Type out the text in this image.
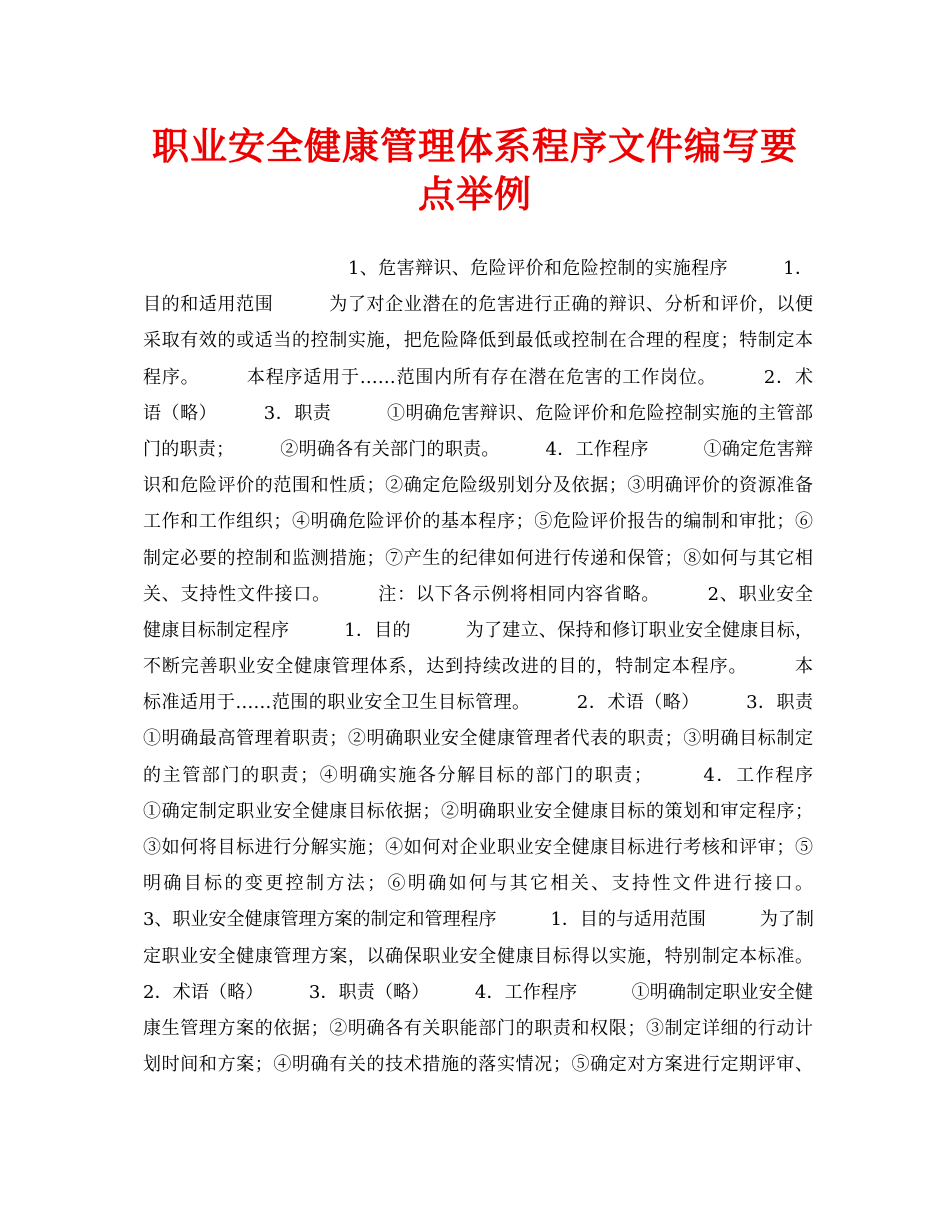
职业安全健康管理体系程序文件编写要点举例
1、危害辩识、危险评价和危险控制的实施程序　　　1．
目的和适用范围　　　为了对企业潜在的危害进行正确的辩识、分析和评价，以便
采取有效的或适当的控制实施，把危险降低到最低或控制在合理的程度；特制定本
程序。　　　本程序适用于……范围内所有存在潜在危害的工作岗位。　　　2．术
语（略）　　　3．职责　　　①明确危害辩识、危险评价和危险控制实施的主管部
门的职责；　　　②明确各有关部门的职责。　　　4．工作程序　　　①确定危害辩
识和危险评价的范围和性质；②确定危险级别划分及依据；③明确评价的资源准备
工作和工作组织；④明确危险评价的基本程序；⑤危险评价报告的编制和审批；⑥
制定必要的控制和监测措施；⑦产生的纪律如何进行传递和保管；⑧如何与其它相
关、支持性文件接口。　　　注：以下各示例将相同内容省略。　　　2、职业安全
健康目标制定程序　　　1．目的　　　为了建立、保持和修订职业安全健康目标，
不断完善职业安全健康管理体系，达到持续改进的目的，特制定本程序。　　　本
标准适用于……范围的职业安全卫生目标管理。　　　2．术语（略）　　　3．职责
①明确最高管理着职责；②明确职业安全健康管理者代表的职责；③明确目标制定
的主管部门的职责；④明确实施各分解目标的部门的职责；　　　4．工作程序
①确定制定职业安全健康目标依据；②明确职业安全健康目标的策划和审定程序；
③如何将目标进行分解实施；④如何对企业职业安全健康目标进行考核和评审；⑤
明确目标的变更控制方法；⑥明确如何与其它相关、支持性文件进行接口。
3、职业安全健康管理方案的制定和管理程序　　　1．目的与适用范围　　　为了制
定职业安全健康管理方案，以确保职业安全健康目标得以实施，特别制定本标准。
2．术语（略）　　　3．职责（略）　　　4．工作程序　　　①明确制定职业安全健
康生管理方案的依据；②明确各有关职能部门的职责和权限；③制定详细的行动计
划时间和方案；④明确有关的技术措施的落实情况；⑤确定对方案进行定期评审、
